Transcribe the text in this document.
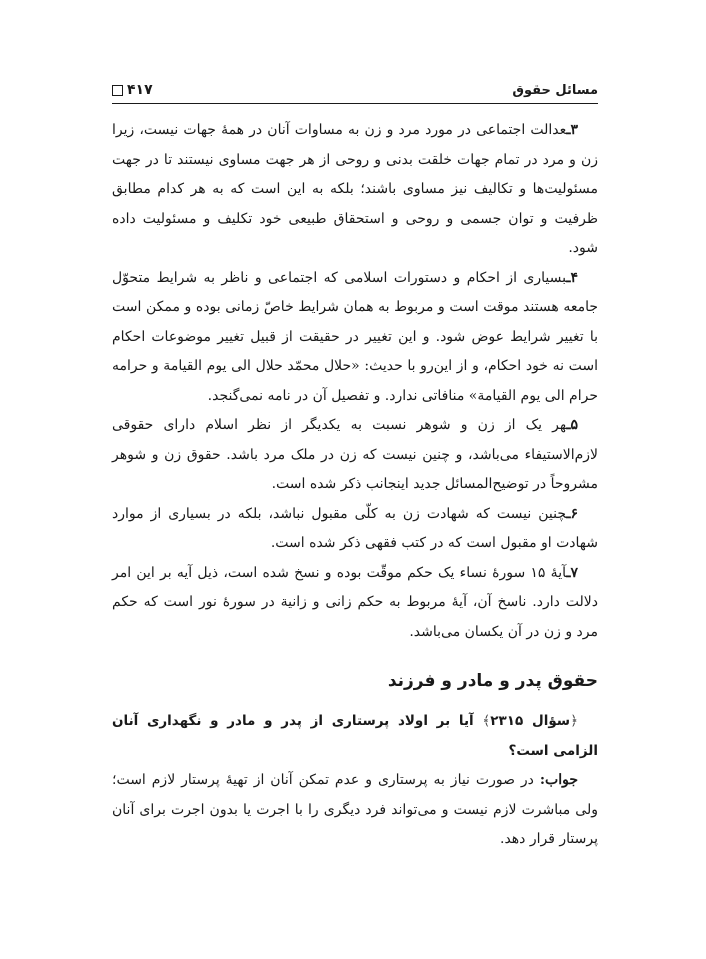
مسائل حقوق
۴۱۷

۳ـعدالت اجتماعی در مورد مرد و زن به مساوات آنان در همهٔ جهات نیست، زیرا زن و مرد در تمام جهات خلقت بدنی و روحی از هر جهت مساوی نیستند تا در جهت مسئولیت‌ها و تکالیف نیز مساوی باشند؛ بلکه به این است که به هر کدام مطابق ظرفیت و توان جسمی و روحی و استحقاق طبیعی خود تکلیف و مسئولیت داده شود.

۴ـبسیاری از احکام و دستورات اسلامی که اجتماعی و ناظر به شرایط متحوّل جامعه هستند موقت است و مربوط به همان شرایط خاصّ زمانی بوده و ممکن است با تغییر شرایط عوض شود. و این تغییر در حقیقت از قبیل تغییر موضوعات احکام است نه خود احکام، و از این‌رو با حدیث: «حلال محمّد حلال الی یوم القیامة و حرامه حرام الی یوم القیامة» منافاتی ندارد. و تفصیل آن در نامه نمی‌گنجد.

۵ـهر یک از زن و شوهر نسبت به یکدیگر از نظر اسلام دارای حقوقی لازم‌الاستیفاء می‌باشد، و چنین نیست که زن در ملک مرد باشد. حقوق زن و شوهر مشروحاً در توضیح‌المسائل جدید اینجانب ذکر شده است.

۶ـچنین نیست که شهادت زن به کلّی مقبول نباشد، بلکه در بسیاری از موارد شهادت او مقبول است که در کتب فقهی ذکر شده است.

۷ـآیهٔ ۱۵ سورهٔ نساء یک حکم موقّت بوده و نسخ شده است، ذیل آیه بر این امر دلالت دارد. ناسخ آن، آیهٔ مربوط به حکم زانی و زانیة در سورهٔ نور است که حکم مرد و زن در آن یکسان می‌باشد.

حقوق پدر و مادر و فرزند

﴿سؤال ۲۳۱۵﴾ آیا بر اولاد پرستاری از پدر و مادر و نگهداری آنان الزامی است؟

جواب: در صورت نیاز به پرستاری و عدم تمکن آنان از تهیهٔ پرستار لازم است؛ ولی مباشرت لازم نیست و می‌تواند فرد دیگری را با اجرت یا بدون اجرت برای آنان پرستار قرار دهد.
